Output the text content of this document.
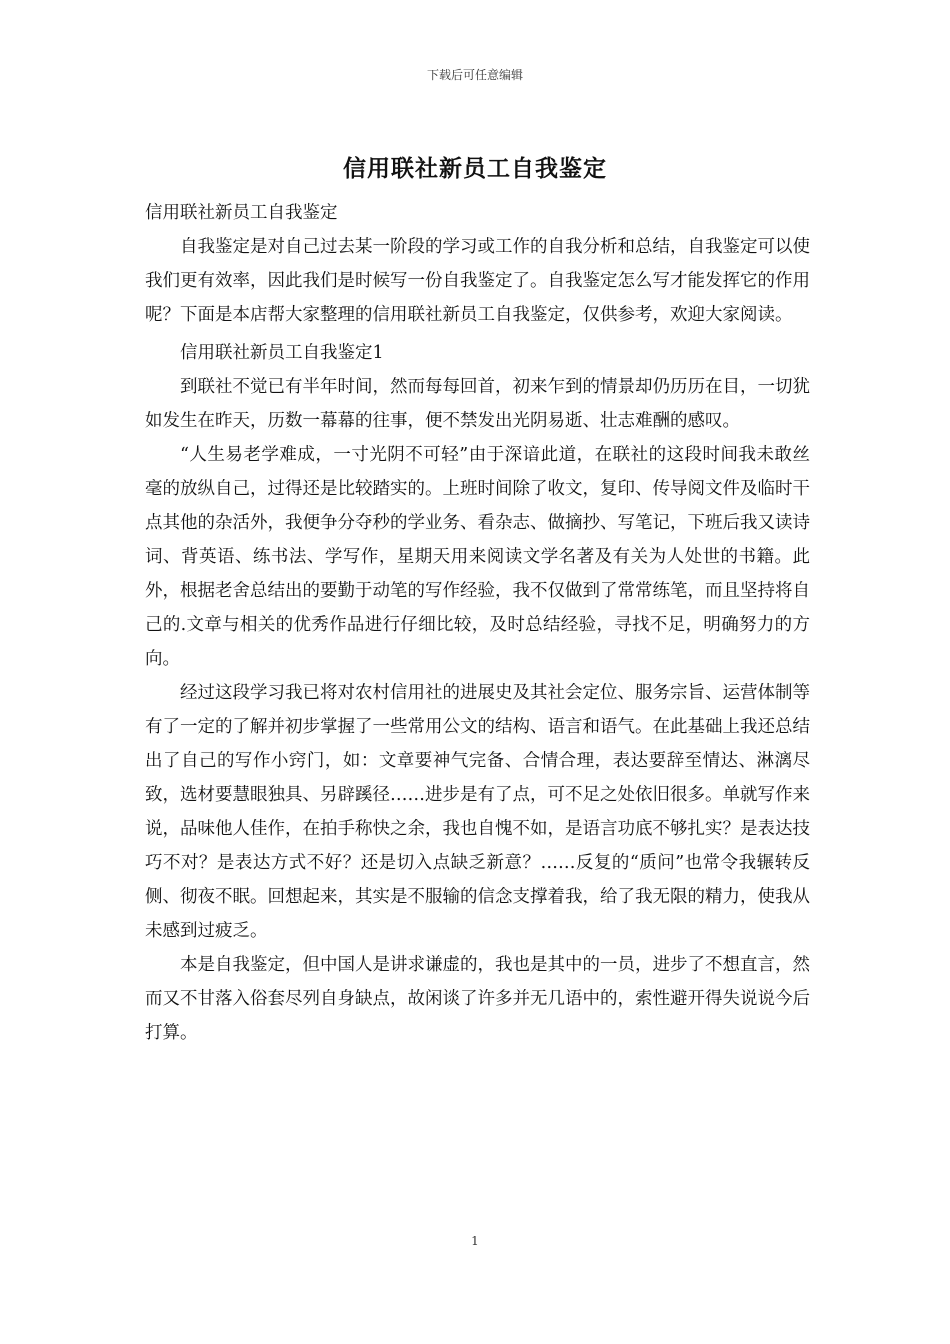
下载后可任意编辑
信用联社新员工自我鉴定

信用联社新员工自我鉴定

自我鉴定是对自己过去某一阶段的学习或工作的自我分析和总结，自我鉴定可以使我们更有效率，因此我们是时候写一份自我鉴定了。自我鉴定怎么写才能发挥它的作用呢？下面是本店帮大家整理的信用联社新员工自我鉴定，仅供参考，欢迎大家阅读。

信用联社新员工自我鉴定1

到联社不觉已有半年时间，然而每每回首，初来乍到的情景却仍历历在目，一切犹如发生在昨天，历数一幕幕的往事，便不禁发出光阴易逝、壮志难酬的感叹。

“人生易老学难成，一寸光阴不可轻”由于深谙此道，在联社的这段时间我未敢丝毫的放纵自己，过得还是比较踏实的。上班时间除了收文，复印、传导阅文件及临时干点其他的杂活外，我便争分夺秒的学业务、看杂志、做摘抄、写笔记，下班后我又读诗词、背英语、练书法、学写作，星期天用来阅读文学名著及有关为人处世的书籍。此外，根据老舍总结出的要勤于动笔的写作经验，我不仅做到了常常练笔，而且坚持将自己的.文章与相关的优秀作品进行仔细比较，及时总结经验，寻找不足，明确努力的方向。

经过这段学习我已将对农村信用社的进展史及其社会定位、服务宗旨、运营体制等有了一定的了解并初步掌握了一些常用公文的结构、语言和语气。在此基础上我还总结出了自己的写作小窍门，如：文章要神气完备、合情合理，表达要辞至情达、淋漓尽致，选材要慧眼独具、另辟蹊径……进步是有了点，可不足之处依旧很多。单就写作来说，品味他人佳作，在拍手称快之余，我也自愧不如，是语言功底不够扎实？是表达技巧不对？是表达方式不好？还是切入点缺乏新意？……反复的“质问”也常令我辗转反侧、彻夜不眠。回想起来，其实是不服输的信念支撑着我，给了我无限的精力，使我从未感到过疲乏。

本是自我鉴定，但中国人是讲求谦虚的，我也是其中的一员，进步了不想直言，然而又不甘落入俗套尽列自身缺点，故闲谈了许多并无几语中的，索性避开得失说说今后打算。

1
